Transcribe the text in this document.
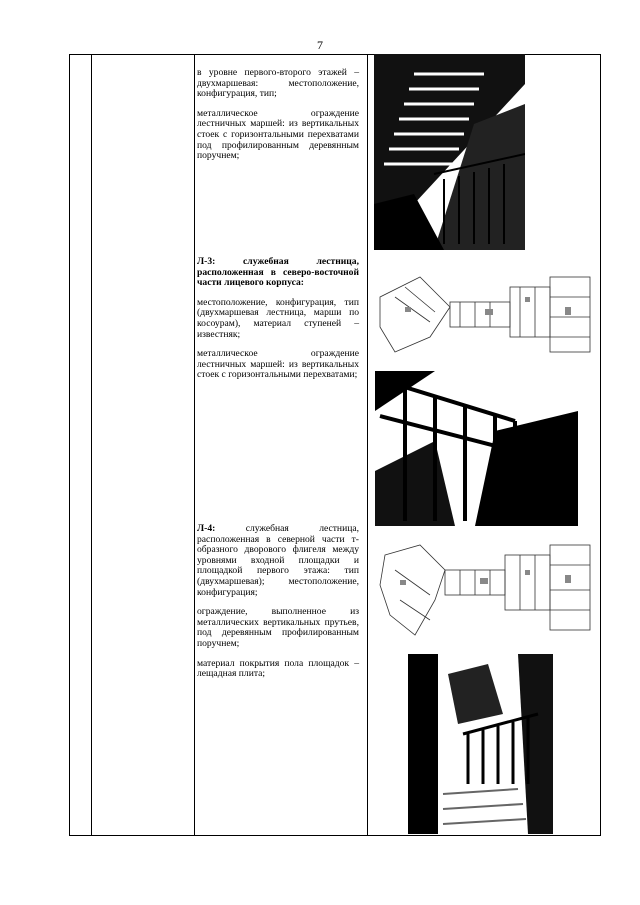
7

в уровне первого-второго этажей – двухмаршевая: местоположение, конфигурация, тип;

металлическое ограждение лестничных маршей: из вертикальных стоек с горизонтальными перехватами под профилированным деревянным поручнем;

Л-3: служебная лестница, расположенная в северо-восточной части лицевого корпуса:

местоположение, конфигурация, тип (двухмаршевая лестница, марши по косоурам), материал ступеней – известняк;

металлическое ограждение лестничных маршей: из вертикальных стоек с горизонтальными перехватами;

Л-4: служебная лестница, расположенная в северной части т-образного дворового флигеля между уровнями входной площадки и площадкой первого этажа: тип (двухмаршевая); местоположение, конфигурация;

ограждение, выполненное из металлических вертикальных прутьев, под деревянным профилированным поручнем;

материал покрытия пола площадок – лещадная плита;
